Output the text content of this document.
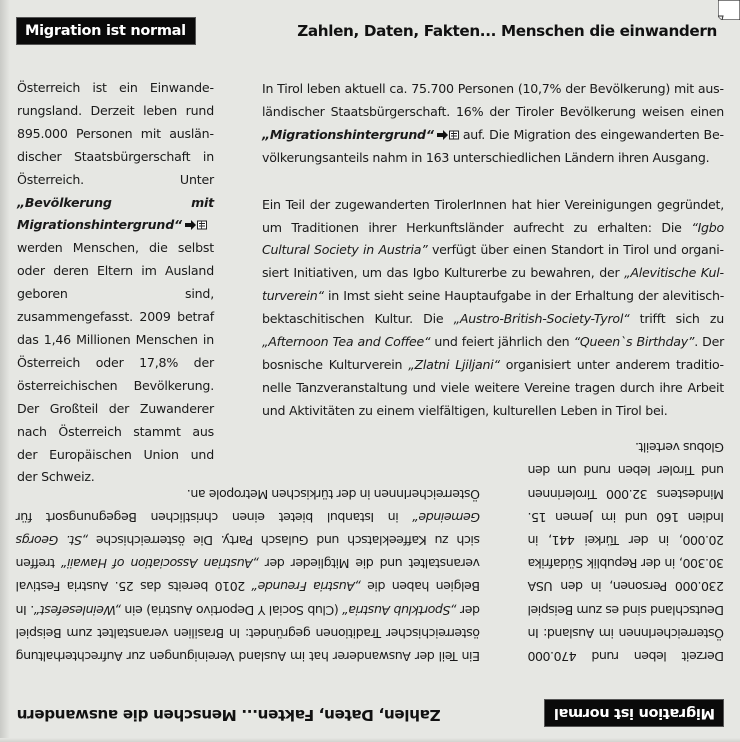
Migration ist normal	Zahlen, Daten, Fakten... Menschen die einwandern

Österreich ist ein Einwanderungsland. Derzeit leben rund 895.000 Personen mit ausländischer Staatsbürgerschaft in Österreich. Unter „Bevölkerung mit Migrationshintergrund“ werden Menschen, die selbst oder deren Eltern im Ausland geboren sind, zusammengefasst. 2009 betraf das 1,46 Millionen Menschen in Österreich oder 17,8% der österreichischen Bevölkerung. Der Großteil der Zuwanderer nach Österreich stammt aus der Europäischen Union und der Schweiz.

In Tirol leben aktuell ca. 75.700 Personen (10,7% der Bevölkerung) mit ausländischer Staatsbürgerschaft. 16% der Tiroler Bevölkerung weisen einen „Migrationshintergrund“ auf. Die Migration des eingewanderten Bevölkerungsanteils nahm in 163 unterschiedlichen Ländern ihren Ausgang.

Ein Teil der zugewanderten TirolerInnen hat hier Vereinigungen gegründet, um Traditionen ihrer Herkunftsländer aufrecht zu erhalten: Die “Igbo Cultural Society in Austria” verfügt über einen Standort in Tirol und organisiert Initiativen, um das Igbo Kulturerbe zu bewahren, der „Alevitische Kulturverein“ in Imst sieht seine Hauptaufgabe in der Erhaltung der alevitisch-bektaschitischen Kultur. Die „Austro-British-Society-Tyrol“ trifft sich zu „Afternoon Tea and Coffee“ und feiert jährlich den “Queen`s Birthday”. Der bosnische Kulturverein „Zlatni Ljiljani“ organisiert unter anderem traditionelle Tanzveranstaltung und viele weitere Vereine tragen durch ihre Arbeit und Aktivitäten zu einem vielfältigen, kulturellen Leben in Tirol bei.

Migration ist normal
Zahlen, Daten, Fakten... Menschen die auswandern

Derzeit leben rund 470.000 ÖsterreicherInnen im Ausland: In Deutschland sind es zum Beispiel 230.000 Personen, in den USA 30.300, in der Republik Südafrika 20.000, in der Türkei 441, in Indien 160 und im Jemen 15. Mindestens 32.000 Tirolerinnen und Tiroler leben rund um den Globus verteilt.

Ein Teil der Auswanderer hat im Ausland Vereinigungen zur Aufrechterhaltung österreichischer Traditionen gegründet: In Brasilien veranstaltet zum Beispiel der „Sportklub Austria“ (Club Social Y Deportivo Austria) ein „Weinlesefest“. In Belgien haben die „Austria Freunde“ 2010 bereits das 25. Austria Festival veranstaltet und die Mitglieder der „Austrian Association of Hawaii“ treffen sich zu Kaffeeklatsch und Gulasch Party. Die österreichische „St. Georgs Gemeinde“ in Istanbul bietet einen christlichen Begegnungsort für ÖsterreicherInnen in der türkischen Metropole an.
